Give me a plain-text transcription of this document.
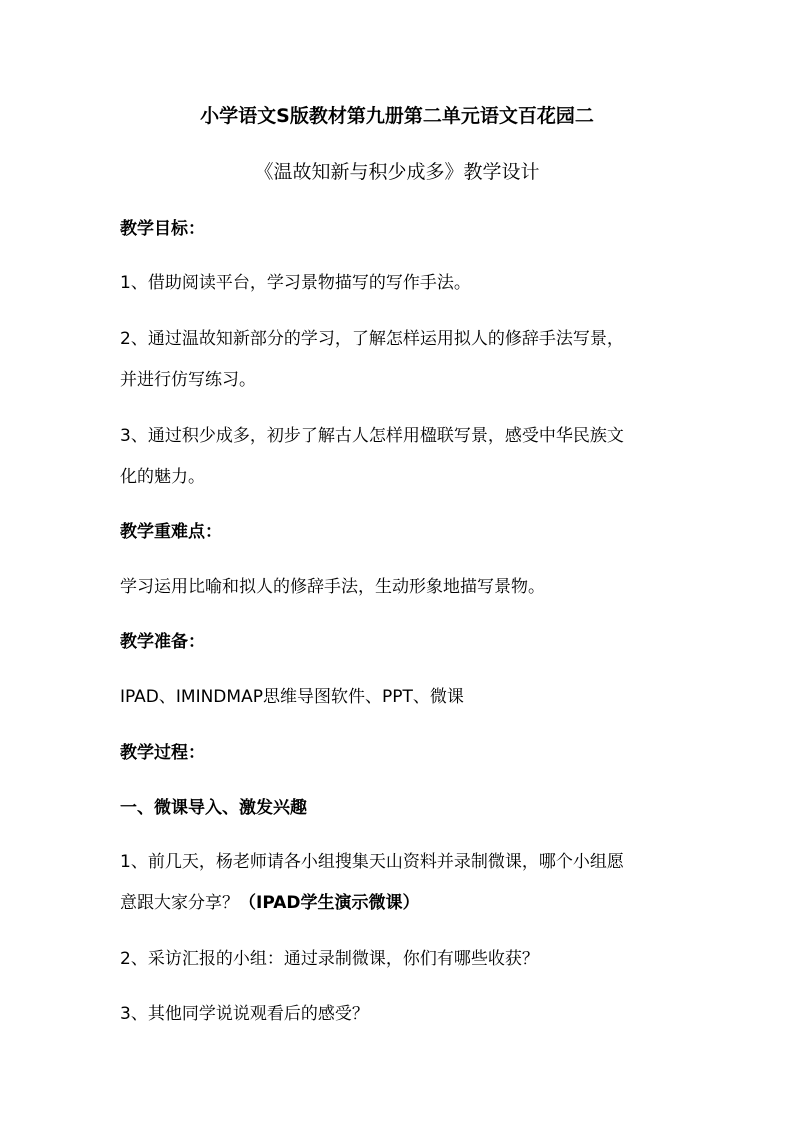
小学语文S版教材第九册第二单元语文百花园二
《温故知新与积少成多》教学设计
教学目标：
1、借助阅读平台，学习景物描写的写作手法。
2、通过温故知新部分的学习，了解怎样运用拟人的修辞手法写景，
并进行仿写练习。
3、通过积少成多，初步了解古人怎样用楹联写景，感受中华民族文
化的魅力。
教学重难点：
学习运用比喻和拟人的修辞手法，生动形象地描写景物。
教学准备：
IPAD、IMINDMAP思维导图软件、PPT、微课
教学过程：
一、微课导入、激发兴趣
1、前几天，杨老师请各小组搜集天山资料并录制微课，哪个小组愿
意跟大家分享？（IPAD学生演示微课）
2、采访汇报的小组：通过录制微课，你们有哪些收获？
3、其他同学说说观看后的感受？
